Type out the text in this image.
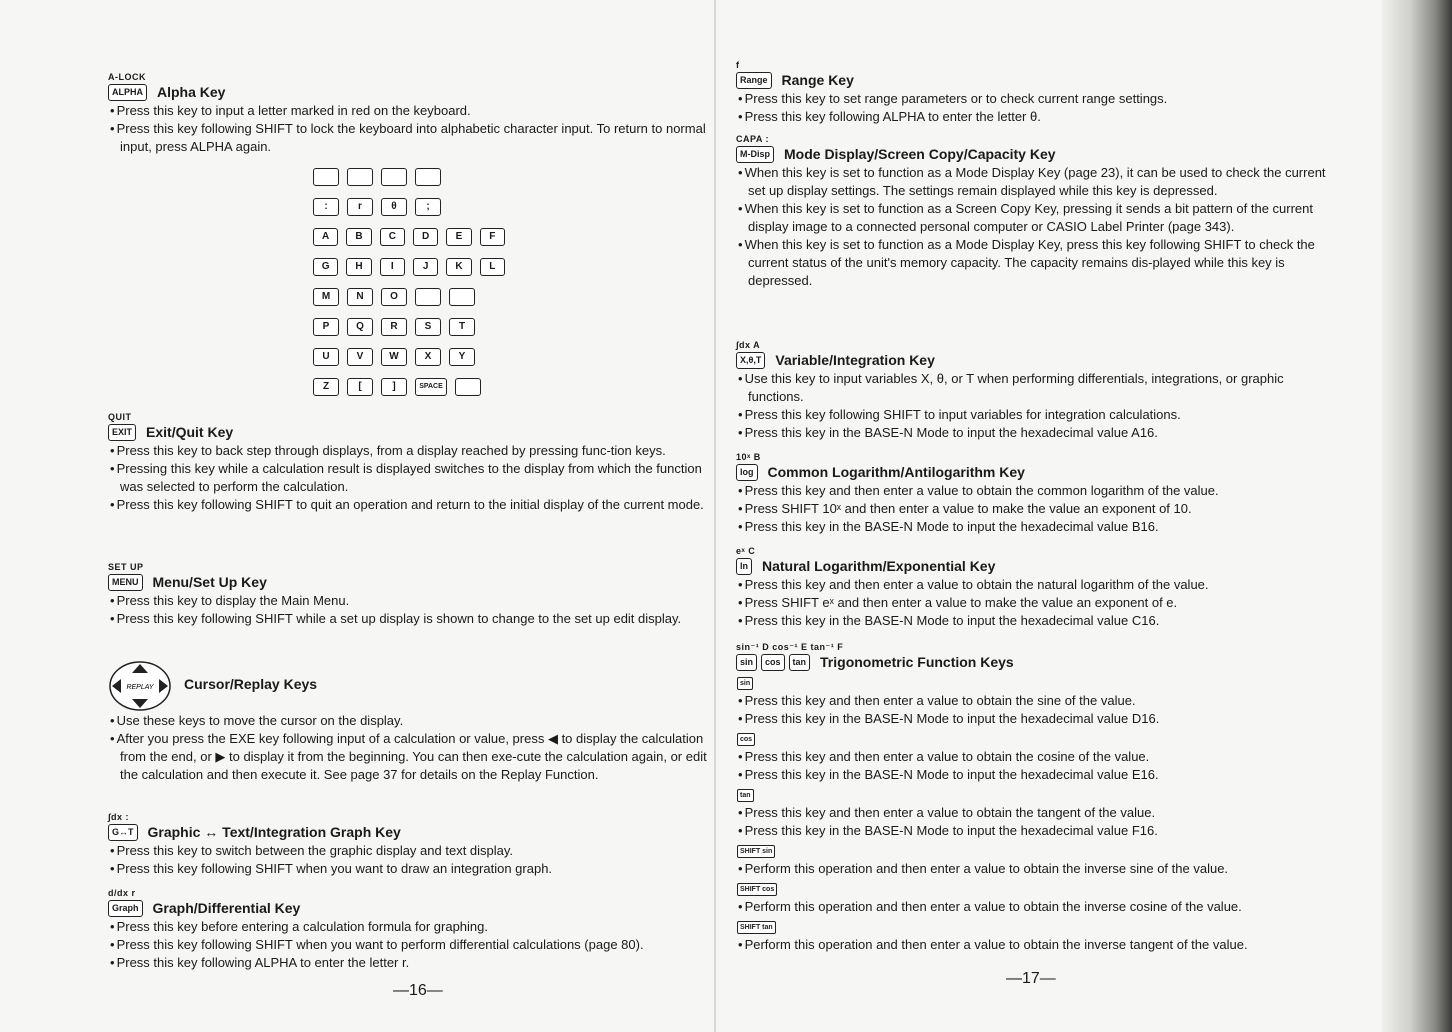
A-LOCK
ALPHA Alpha Key
• Press this key to input a letter marked in red on the keyboard.
• Press this key following SHIFT to lock the keyboard into alphabetic character input. To return to normal input, press ALPHA again.
:	r	θ	;
A	B	C	D	E	F
G	H	I	J	K	L
M	N	O
P	Q	R	S	T
U	V	W	X	Y
Z	[	]	SPACE
QUIT
EXIT Exit/Quit Key
• Press this key to back step through displays, from a display reached by pressing func-tion keys.
• Pressing this key while a calculation result is displayed switches to the display from which the function was selected to perform the calculation.
• Press this key following SHIFT to quit an operation and return to the initial display of the current mode.
SET UP
MENU Menu/Set Up Key
• Press this key to display the Main Menu.
• Press this key following SHIFT while a set up display is shown to change to the set up edit display.
REPLAY Cursor/Replay Keys
• Use these keys to move the cursor on the display.
• After you press the EXE key following input of a calculation or value, press ◀ to display the calculation from the end, or ▶ to display it from the beginning. You can then exe-cute the calculation again, or edit the calculation and then execute it. See page 37 for details on the Replay Function.
∫dx :
G↔T Graphic ↔ Text/Integration Graph Key
• Press this key to switch between the graphic display and text display.
• Press this key following SHIFT when you want to draw an integration graph.
d/dx r
Graph Graph/Differential Key
• Press this key before entering a calculation formula for graphing.
• Press this key following SHIFT when you want to perform differential calculations (page 80).
• Press this key following ALPHA to enter the letter r.
—16—
f
Range Range Key
• Press this key to set range parameters or to check current range settings.
• Press this key following ALPHA to enter the letter θ.
CAPA :
M-Disp Mode Display/Screen Copy/Capacity Key
• When this key is set to function as a Mode Display Key (page 23), it can be used to check the current set up display settings. The settings remain displayed while this key is depressed.
• When this key is set to function as a Screen Copy Key, pressing it sends a bit pattern of the current display image to a connected personal computer or CASIO Label Printer (page 343).
• When this key is set to function as a Mode Display Key, press this key following SHIFT to check the current status of the unit's memory capacity. The capacity remains dis-played while this key is depressed.
∫dx A
X,θ,T Variable/Integration Key
• Use this key to input variables X, θ, or T when performing differentials, integrations, or graphic functions.
• Press this key following SHIFT to input variables for integration calculations.
• Press this key in the BASE-N Mode to input the hexadecimal value A16.
10ˣ B
log Common Logarithm/Antilogarithm Key
• Press this key and then enter a value to obtain the common logarithm of the value.
• Press SHIFT 10ˣ and then enter a value to make the value an exponent of 10.
• Press this key in the BASE-N Mode to input the hexadecimal value B16.
eˣ C
ln Natural Logarithm/Exponential Key
• Press this key and then enter a value to obtain the natural logarithm of the value.
• Press SHIFT eˣ and then enter a value to make the value an exponent of e.
• Press this key in the BASE-N Mode to input the hexadecimal value C16.
sin⁻¹ D cos⁻¹ E tan⁻¹ F
sin	cos	tan Trigonometric Function Keys
sin
• Press this key and then enter a value to obtain the sine of the value.
• Press this key in the BASE-N Mode to input the hexadecimal value D16.
cos
• Press this key and then enter a value to obtain the cosine of the value.
• Press this key in the BASE-N Mode to input the hexadecimal value E16.
tan
• Press this key and then enter a value to obtain the tangent of the value.
• Press this key in the BASE-N Mode to input the hexadecimal value F16.
SHIFT sin
• Perform this operation and then enter a value to obtain the inverse sine of the value.
SHIFT cos
• Perform this operation and then enter a value to obtain the inverse cosine of the value.
SHIFT tan
• Perform this operation and then enter a value to obtain the inverse tangent of the value.
—17—
